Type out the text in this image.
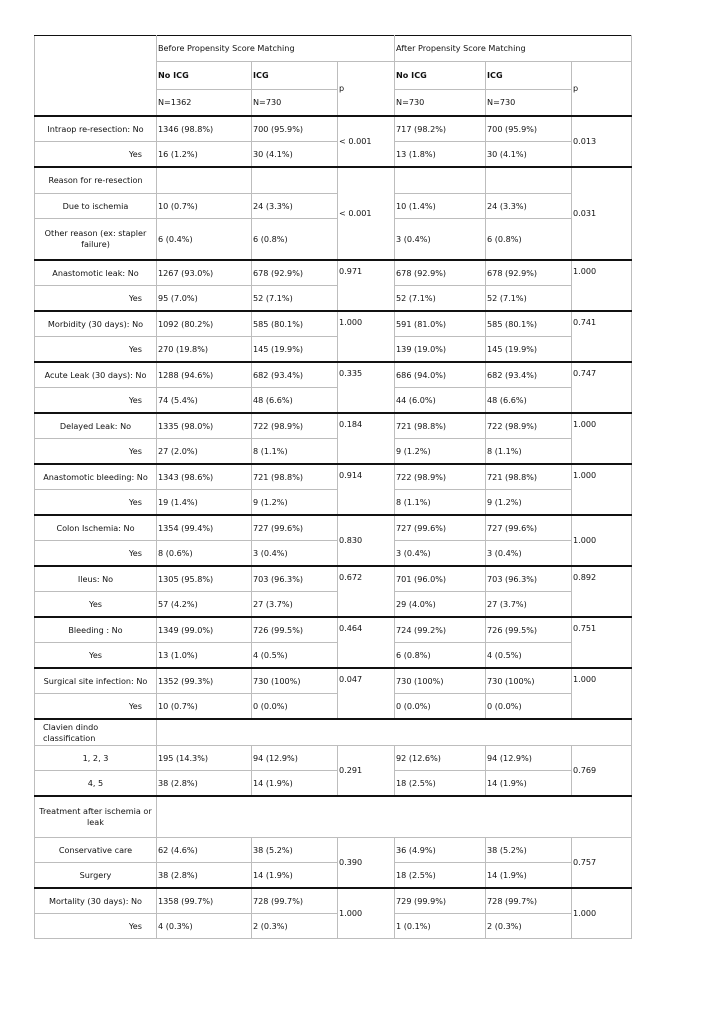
	Before Propensity Score Matching			After Propensity Score Matching		
	No ICG	ICG	p	No ICG	ICG	p
	N=1362	N=730		N=730	N=730	
Intraop re-resection: No	1346 (98.8%)	700 (95.9%)	< 0.001	717 (98.2%)	700 (95.9%)	0.013
Yes	16 (1.2%)	30 (4.1%)		13 (1.8%)	30 (4.1%)	
Reason for re-resection			< 0.001			0.031
Due to ischemia	10 (0.7%)	24 (3.3%)		10 (1.4%)	24 (3.3%)	
Other reason (ex: stapler failure)	6 (0.4%)	6 (0.8%)		3 (0.4%)	6 (0.8%)	
Anastomotic leak: No	1267 (93.0%)	678 (92.9%)	0.971	678 (92.9%)	678 (92.9%)	1.000
Yes	95 (7.0%)	52 (7.1%)		52 (7.1%)	52 (7.1%)	
Morbidity (30 days): No	1092 (80.2%)	585 (80.1%)	1.000	591 (81.0%)	585 (80.1%)	0.741
Yes	270 (19.8%)	145 (19.9%)		139 (19.0%)	145 (19.9%)	
Acute Leak (30 days): No	1288 (94.6%)	682 (93.4%)	0.335	686 (94.0%)	682 (93.4%)	0.747
Yes	74 (5.4%)	48 (6.6%)		44 (6.0%)	48 (6.6%)	
Delayed Leak: No	1335 (98.0%)	722 (98.9%)	0.184	721 (98.8%)	722 (98.9%)	1.000
Yes	27 (2.0%)	8 (1.1%)		9 (1.2%)	8 (1.1%)	
Anastomotic bleeding: No	1343 (98.6%)	721 (98.8%)	0.914	722 (98.9%)	721 (98.8%)	1.000
Yes	19 (1.4%)	9 (1.2%)		8 (1.1%)	9 (1.2%)	
Colon Ischemia: No	1354 (99.4%)	727 (99.6%)	0.830	727 (99.6%)	727 (99.6%)	1.000
Yes	8 (0.6%)	3 (0.4%)		3 (0.4%)	3 (0.4%)	
Ileus: No	1305 (95.8%)	703 (96.3%)	0.672	701 (96.0%)	703 (96.3%)	0.892
Yes	57 (4.2%)	27 (3.7%)		29 (4.0%)	27 (3.7%)	
Bleeding : No	1349 (99.0%)	726 (99.5%)	0.464	724 (99.2%)	726 (99.5%)	0.751
Yes	13 (1.0%)	4 (0.5%)		6 (0.8%)	4 (0.5%)	
Surgical site infection: No	1352 (99.3%)	730 (100%)	0.047	730 (100%)	730 (100%)	1.000
Yes	10 (0.7%)	0 (0.0%)		0 (0.0%)	0 (0.0%)	
Clavien dindo classification						
1, 2, 3	195 (14.3%)	94 (12.9%)	0.291	92 (12.6%)	94 (12.9%)	0.769
4, 5	38 (2.8%)	14 (1.9%)		18 (2.5%)	14 (1.9%)	
Treatment after ischemia or leak						
Conservative care	62 (4.6%)	38 (5.2%)	0.390	36 (4.9%)	38 (5.2%)	0.757
Surgery	38 (2.8%)	14 (1.9%)		18 (2.5%)	14 (1.9%)	
Mortality (30 days): No	1358 (99.7%)	728 (99.7%)	1.000	729 (99.9%)	728 (99.7%)	1.000
Yes	4 (0.3%)	2 (0.3%)		1 (0.1%)	2 (0.3%)	
